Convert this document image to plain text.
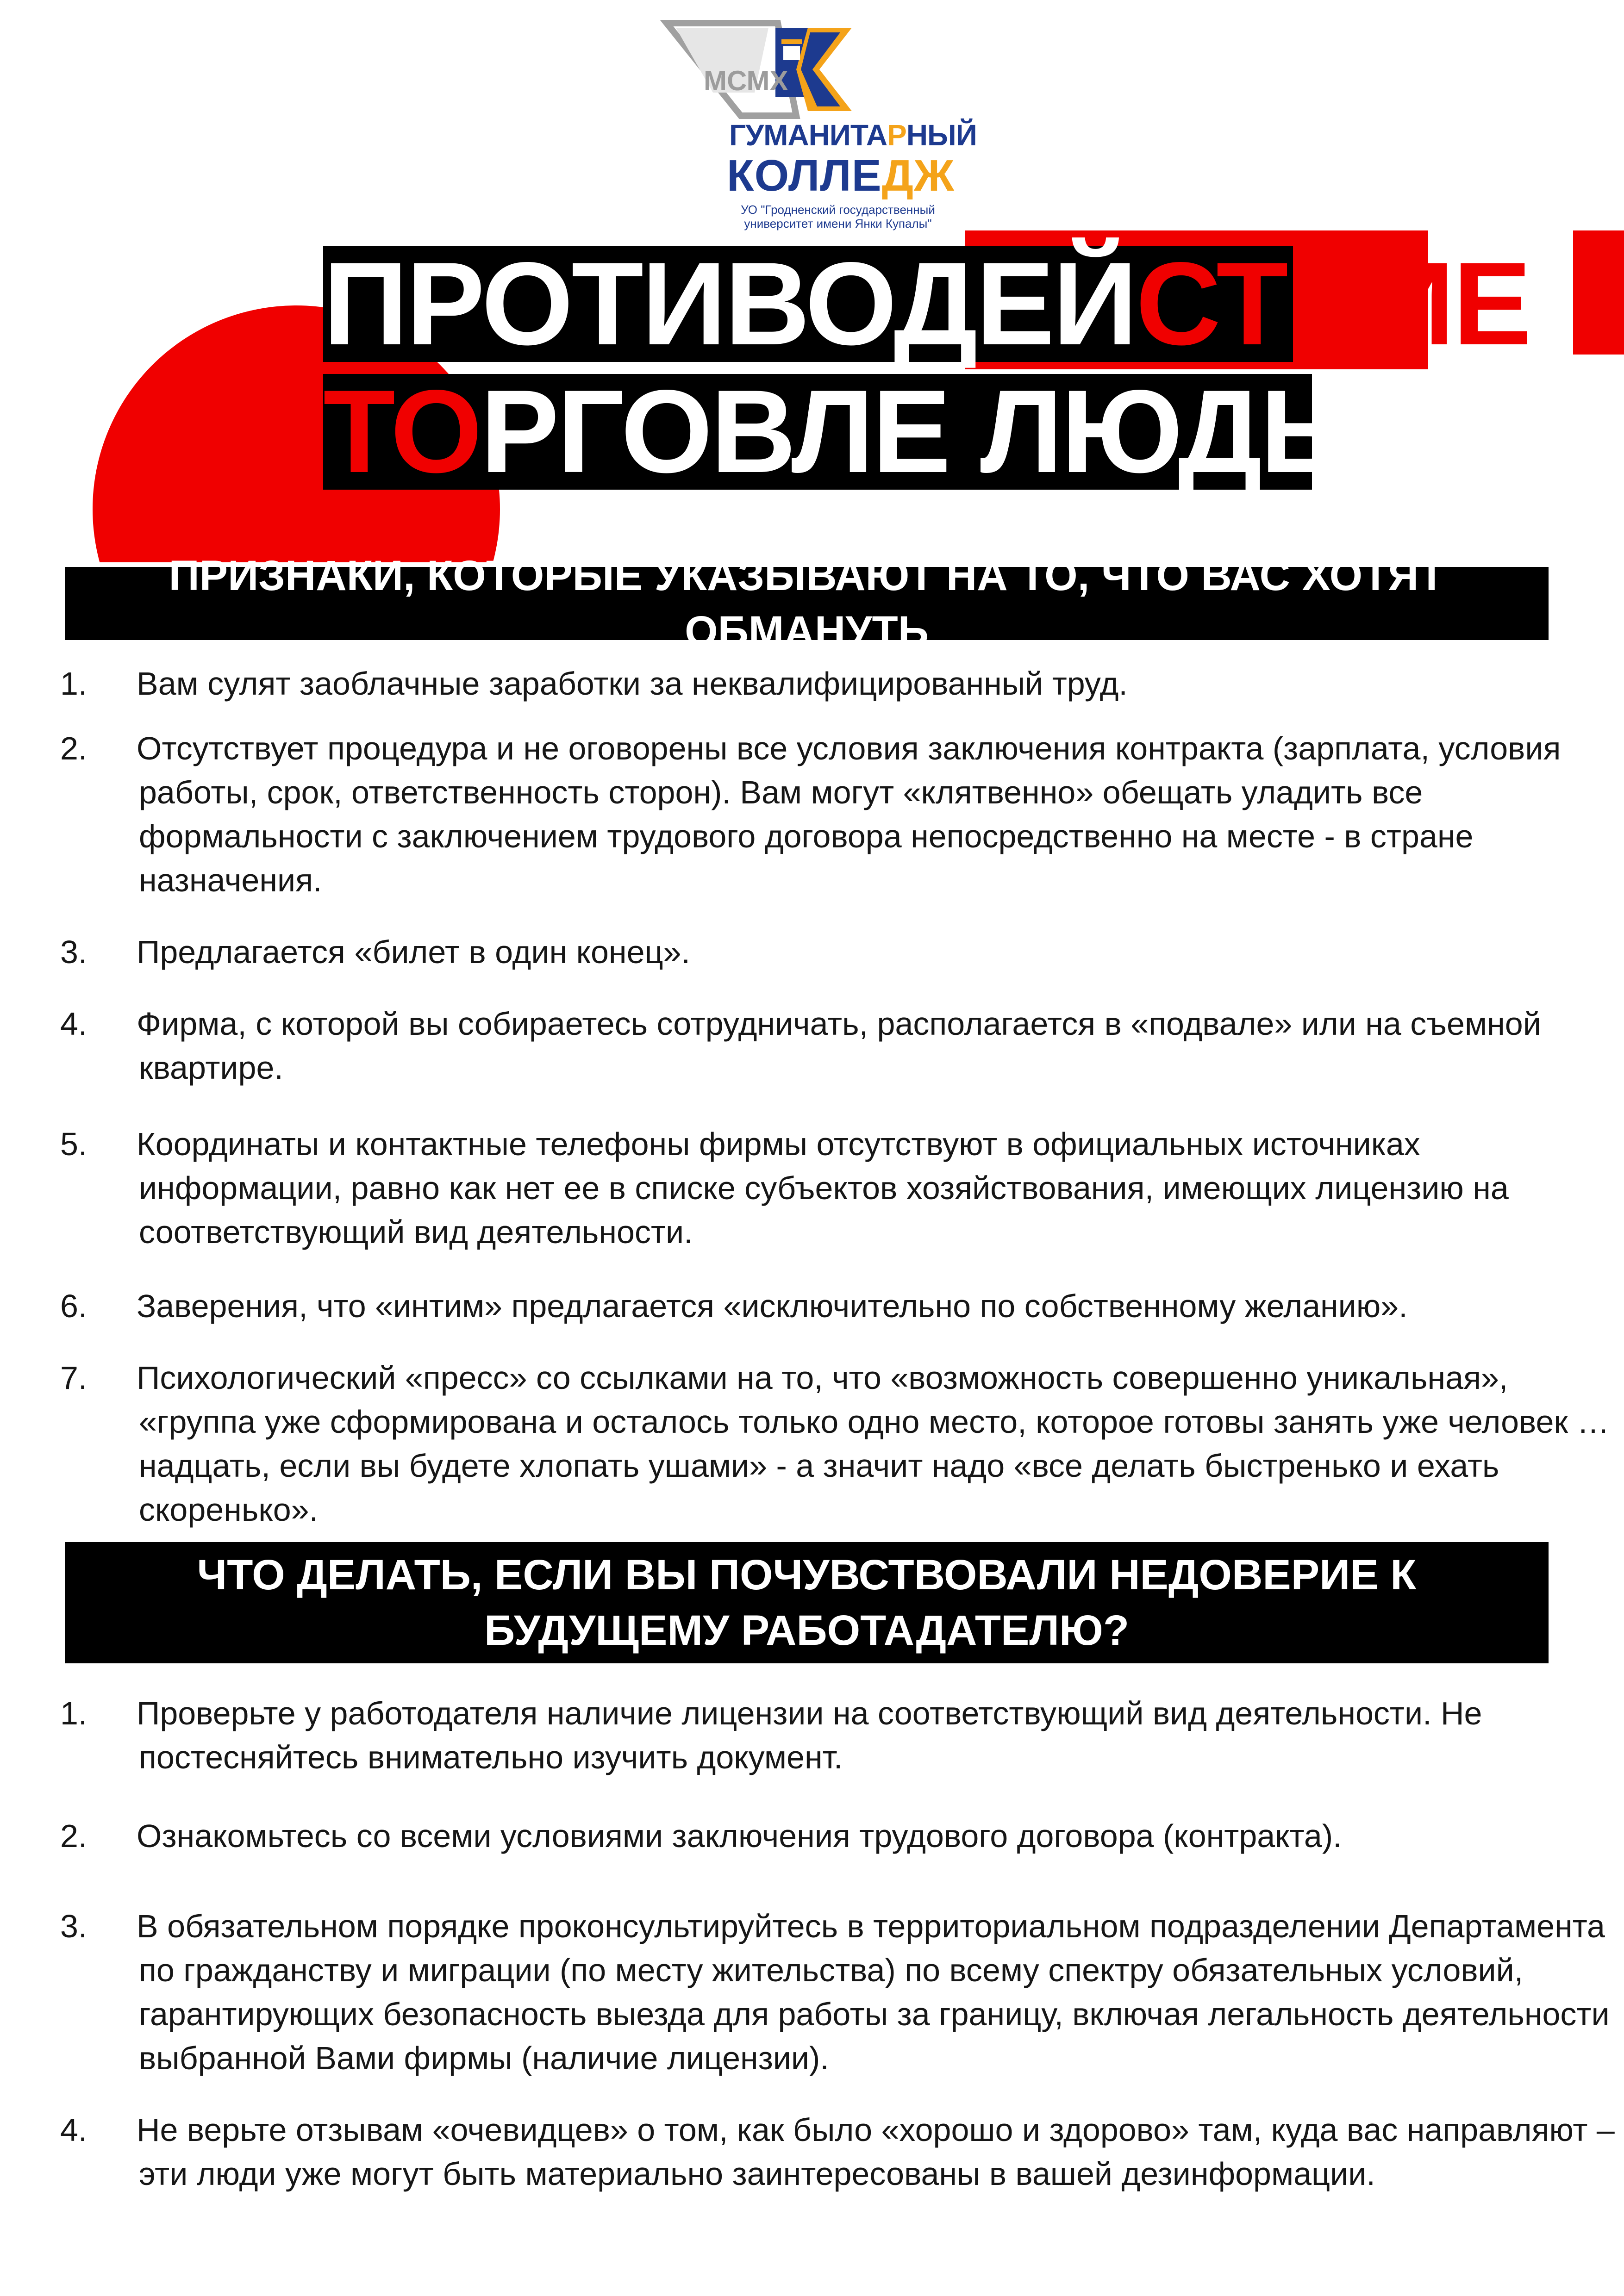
МСМХ
ГУМАНИТАРНЫЙ
КОЛЛЕДЖ
УО "Гродненский государственный университет имени Янки Купалы"
ПРОТИВОДЕЙСТВИЕ
ТОРГОВЛЕ ЛЮДЬМИ
ПРИЗНАКИ, КОТОРЫЕ УКАЗЫВАЮТ НА ТО, ЧТО ВАС ХОТЯТ ОБМАНУТЬ
1. Вам сулят заоблачные заработки за неквалифицированный труд.
2. Отсутствует процедура и не оговорены все условия заключения контракта (зарплата, условия работы, срок, ответственность сторон). Вам могут «клятвенно» обещать уладить все формальности с заключением трудового договора непосредственно на месте - в стране назначения.
3. Предлагается «билет в один конец».
4. Фирма, с которой вы собираетесь сотрудничать, располагается в «подвале» или на съемной квартире.
5. Координаты и контактные телефоны фирмы отсутствуют в официальных источниках информации, равно как нет ее в списке субъектов хозяйствования, имеющих лицензию на соответствующий вид деятельности.
6. Заверения, что «интим» предлагается «исключительно по собственному желанию».
7. Психологический «пресс» со ссылками на то, что «возможность совершенно уникальная», «группа уже сформирована и осталось только одно место, которое готовы занять уже человек …надцать, если вы будете хлопать ушами» - а значит надо «все делать быстренько и ехать скоренько».
ЧТО ДЕЛАТЬ, ЕСЛИ ВЫ ПОЧУВСТВОВАЛИ НЕДОВЕРИЕ К БУДУЩЕМУ РАБОТАДАТЕЛЮ?
1. Проверьте у работодателя наличие лицензии на соответствующий вид деятельности. Не постесняйтесь внимательно изучить документ.
2. Ознакомьтесь со всеми условиями заключения трудового договора (контракта).
3. В обязательном порядке проконсультируйтесь в территориальном подразделении Департамента по гражданству и миграции (по месту жительства) по всему спектру обязательных условий, гарантирующих безопасность выезда для работы за границу, включая легальность деятельности выбранной Вами фирмы (наличие лицензии).
4. Не верьте отзывам «очевидцев» о том, как было «хорошо и здорово» там, куда вас направляют – эти люди уже могут быть материально заинтересованы в вашей дезинформации.
